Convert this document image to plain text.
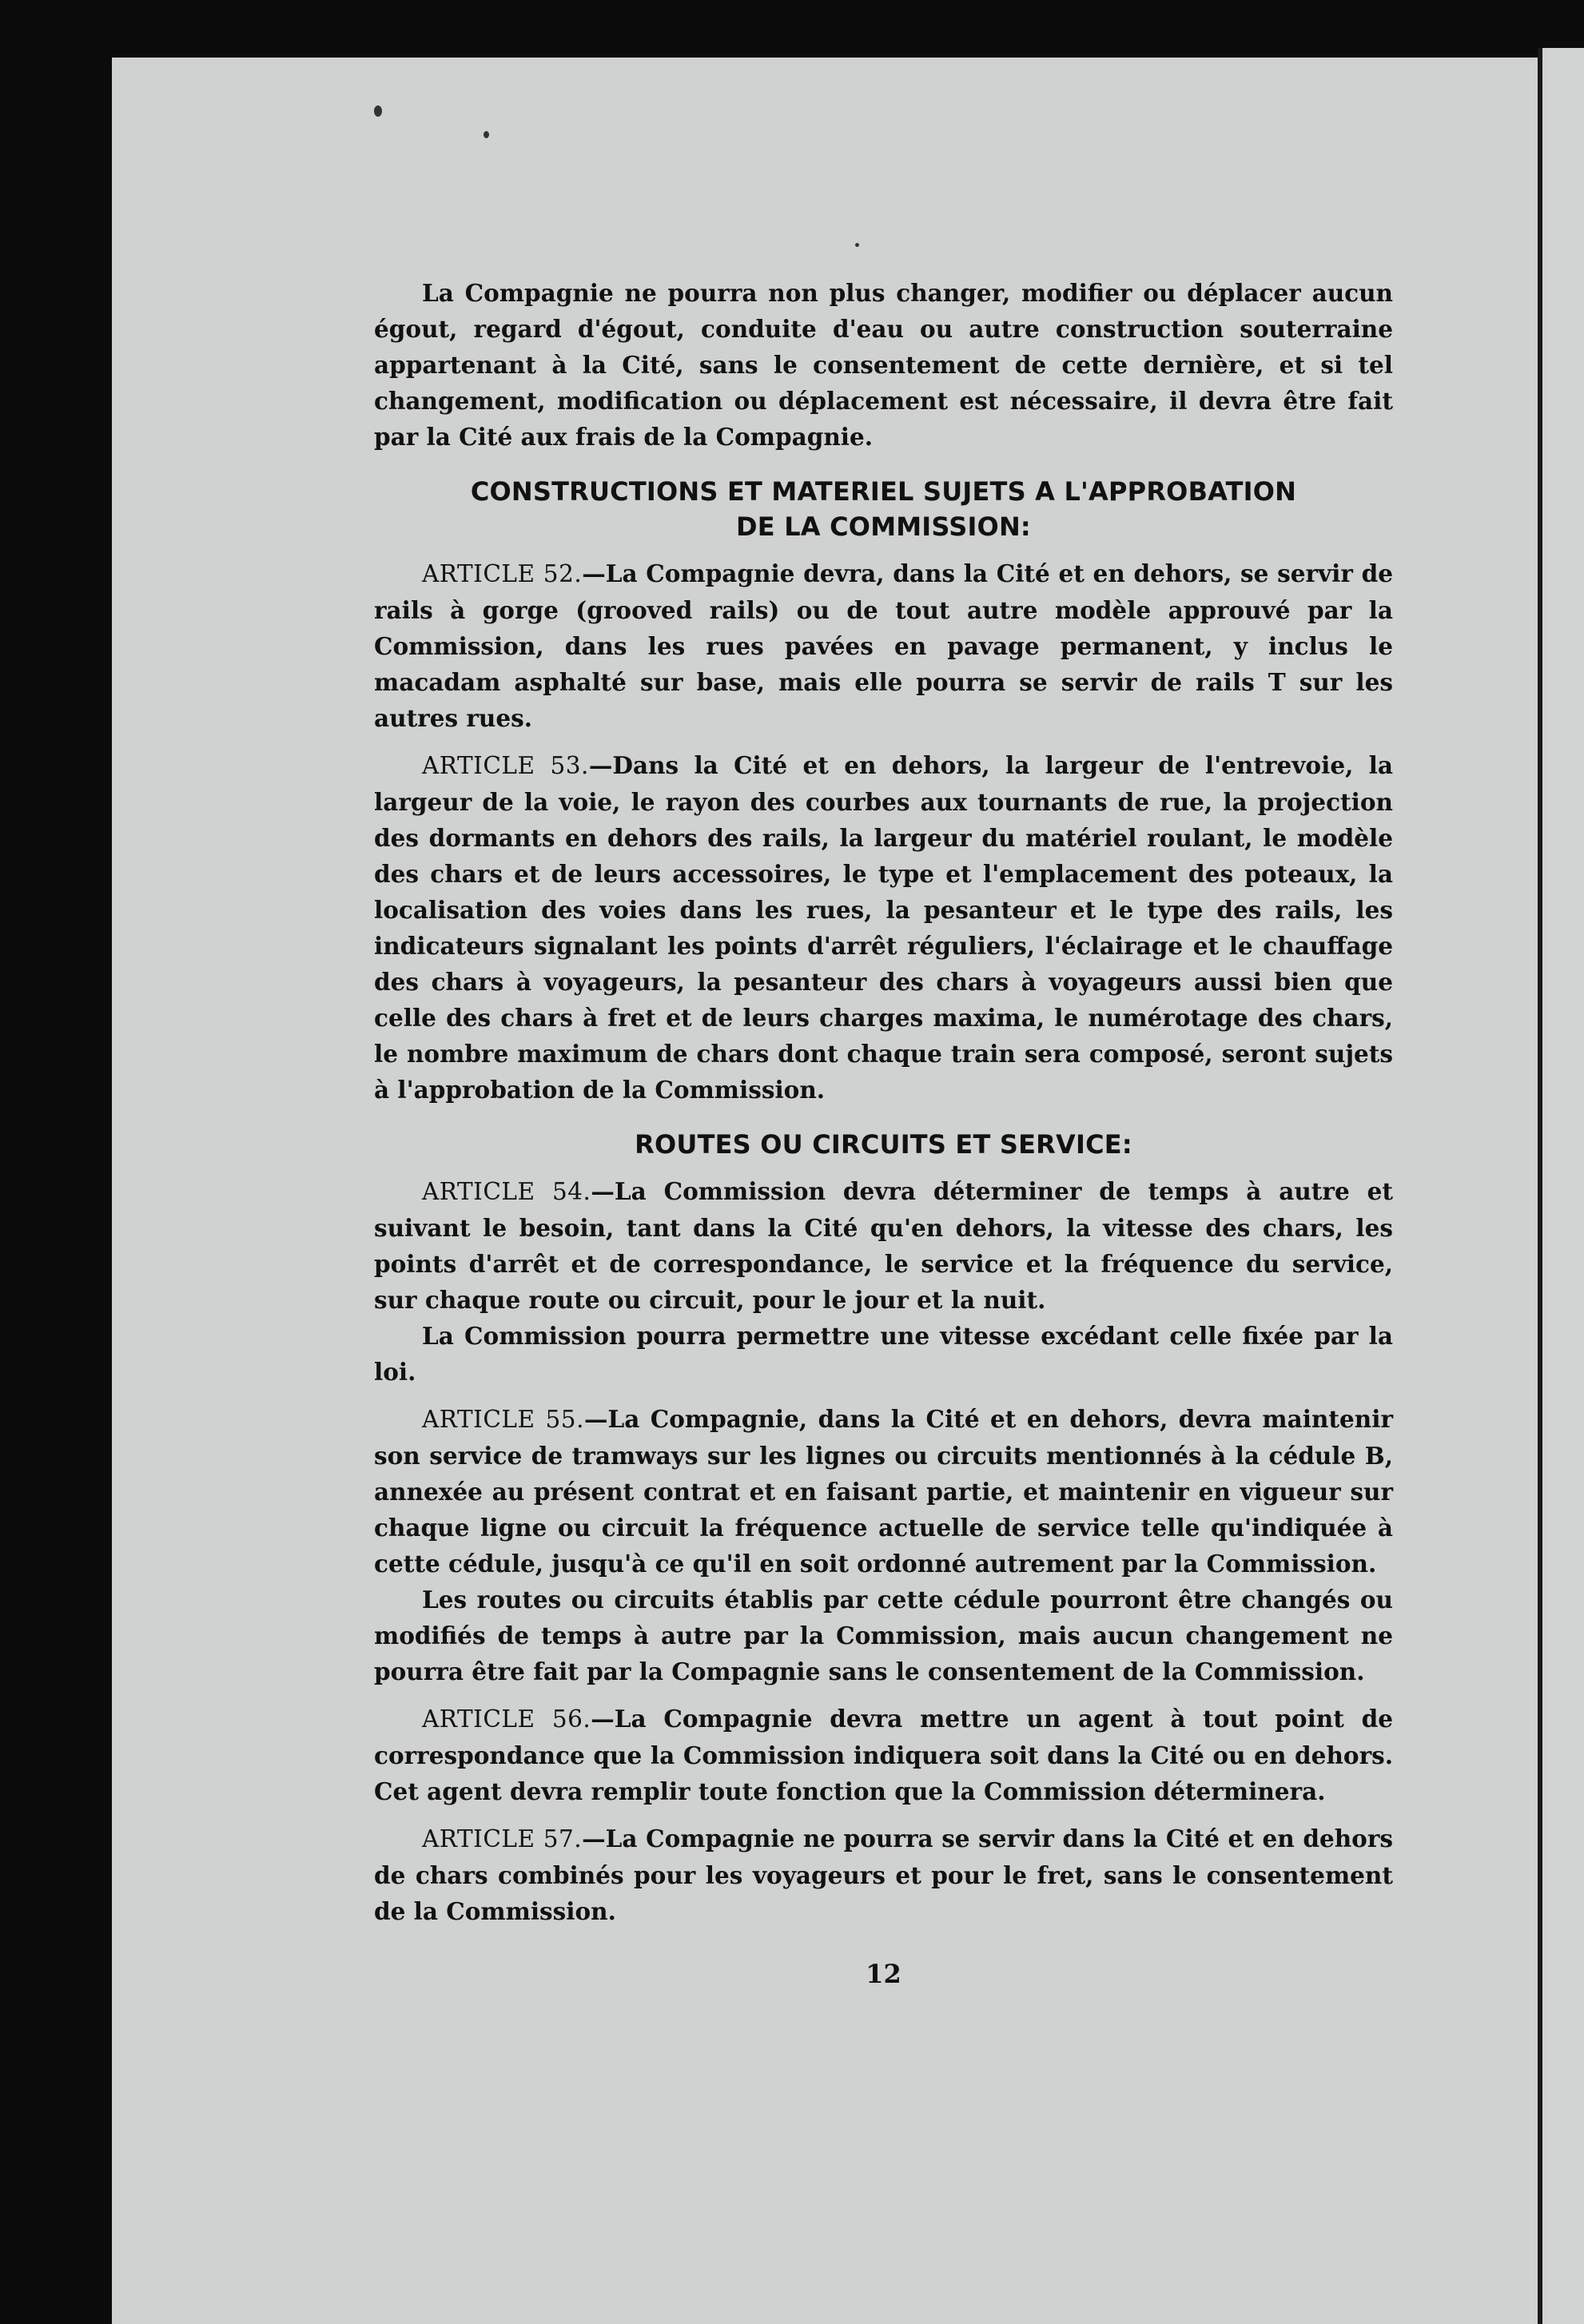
La Compagnie ne pourra non plus changer, modifier ou déplacer aucun égout, regard d'égout, conduite d'eau ou autre construction souterraine appartenant à la Cité, sans le consentement de cette dernière, et si tel changement, modification ou déplacement est nécessaire, il devra être fait par la Cité aux frais de la Compagnie.

CONSTRUCTIONS ET MATERIEL SUJETS A L'APPROBATION
DE LA COMMISSION:

ARTICLE 52.—La Compagnie devra, dans la Cité et en dehors, se servir de rails à gorge (grooved rails) ou de tout autre modèle approuvé par la Commission, dans les rues pavées en pavage permanent, y inclus le macadam asphalté sur base, mais elle pourra se servir de rails T sur les autres rues.

ARTICLE 53.—Dans la Cité et en dehors, la largeur de l'entrevoie, la largeur de la voie, le rayon des courbes aux tournants de rue, la projection des dormants en dehors des rails, la largeur du matériel roulant, le modèle des chars et de leurs accessoires, le type et l'emplacement des poteaux, la localisation des voies dans les rues, la pesanteur et le type des rails, les indicateurs signalant les points d'arrêt réguliers, l'éclairage et le chauffage des chars à voyageurs, la pesanteur des chars à voyageurs aussi bien que celle des chars à fret et de leurs charges maxima, le numérotage des chars, le nombre maximum de chars dont chaque train sera composé, seront sujets à l'approbation de la Commission.

ROUTES OU CIRCUITS ET SERVICE:

ARTICLE 54.—La Commission devra déterminer de temps à autre et suivant le besoin, tant dans la Cité qu'en dehors, la vitesse des chars, les points d'arrêt et de correspondance, le service et la fréquence du service, sur chaque route ou circuit, pour le jour et la nuit.

La Commission pourra permettre une vitesse excédant celle fixée par la loi.

ARTICLE 55.—La Compagnie, dans la Cité et en dehors, devra maintenir son service de tramways sur les lignes ou circuits mentionnés à la cédule B, annexée au présent contrat et en faisant partie, et maintenir en vigueur sur chaque ligne ou circuit la fréquence actuelle de service telle qu'indiquée à cette cédule, jusqu'à ce qu'il en soit ordonné autrement par la Commission.

Les routes ou circuits établis par cette cédule pourront être changés ou modifiés de temps à autre par la Commission, mais aucun changement ne pourra être fait par la Compagnie sans le consentement de la Commission.

ARTICLE 56.—La Compagnie devra mettre un agent à tout point de correspondance que la Commission indiquera soit dans la Cité ou en dehors. Cet agent devra remplir toute fonction que la Commission déterminera.

ARTICLE 57.—La Compagnie ne pourra se servir dans la Cité et en dehors de chars combinés pour les voyageurs et pour le fret, sans le consentement de la Commission.

12
